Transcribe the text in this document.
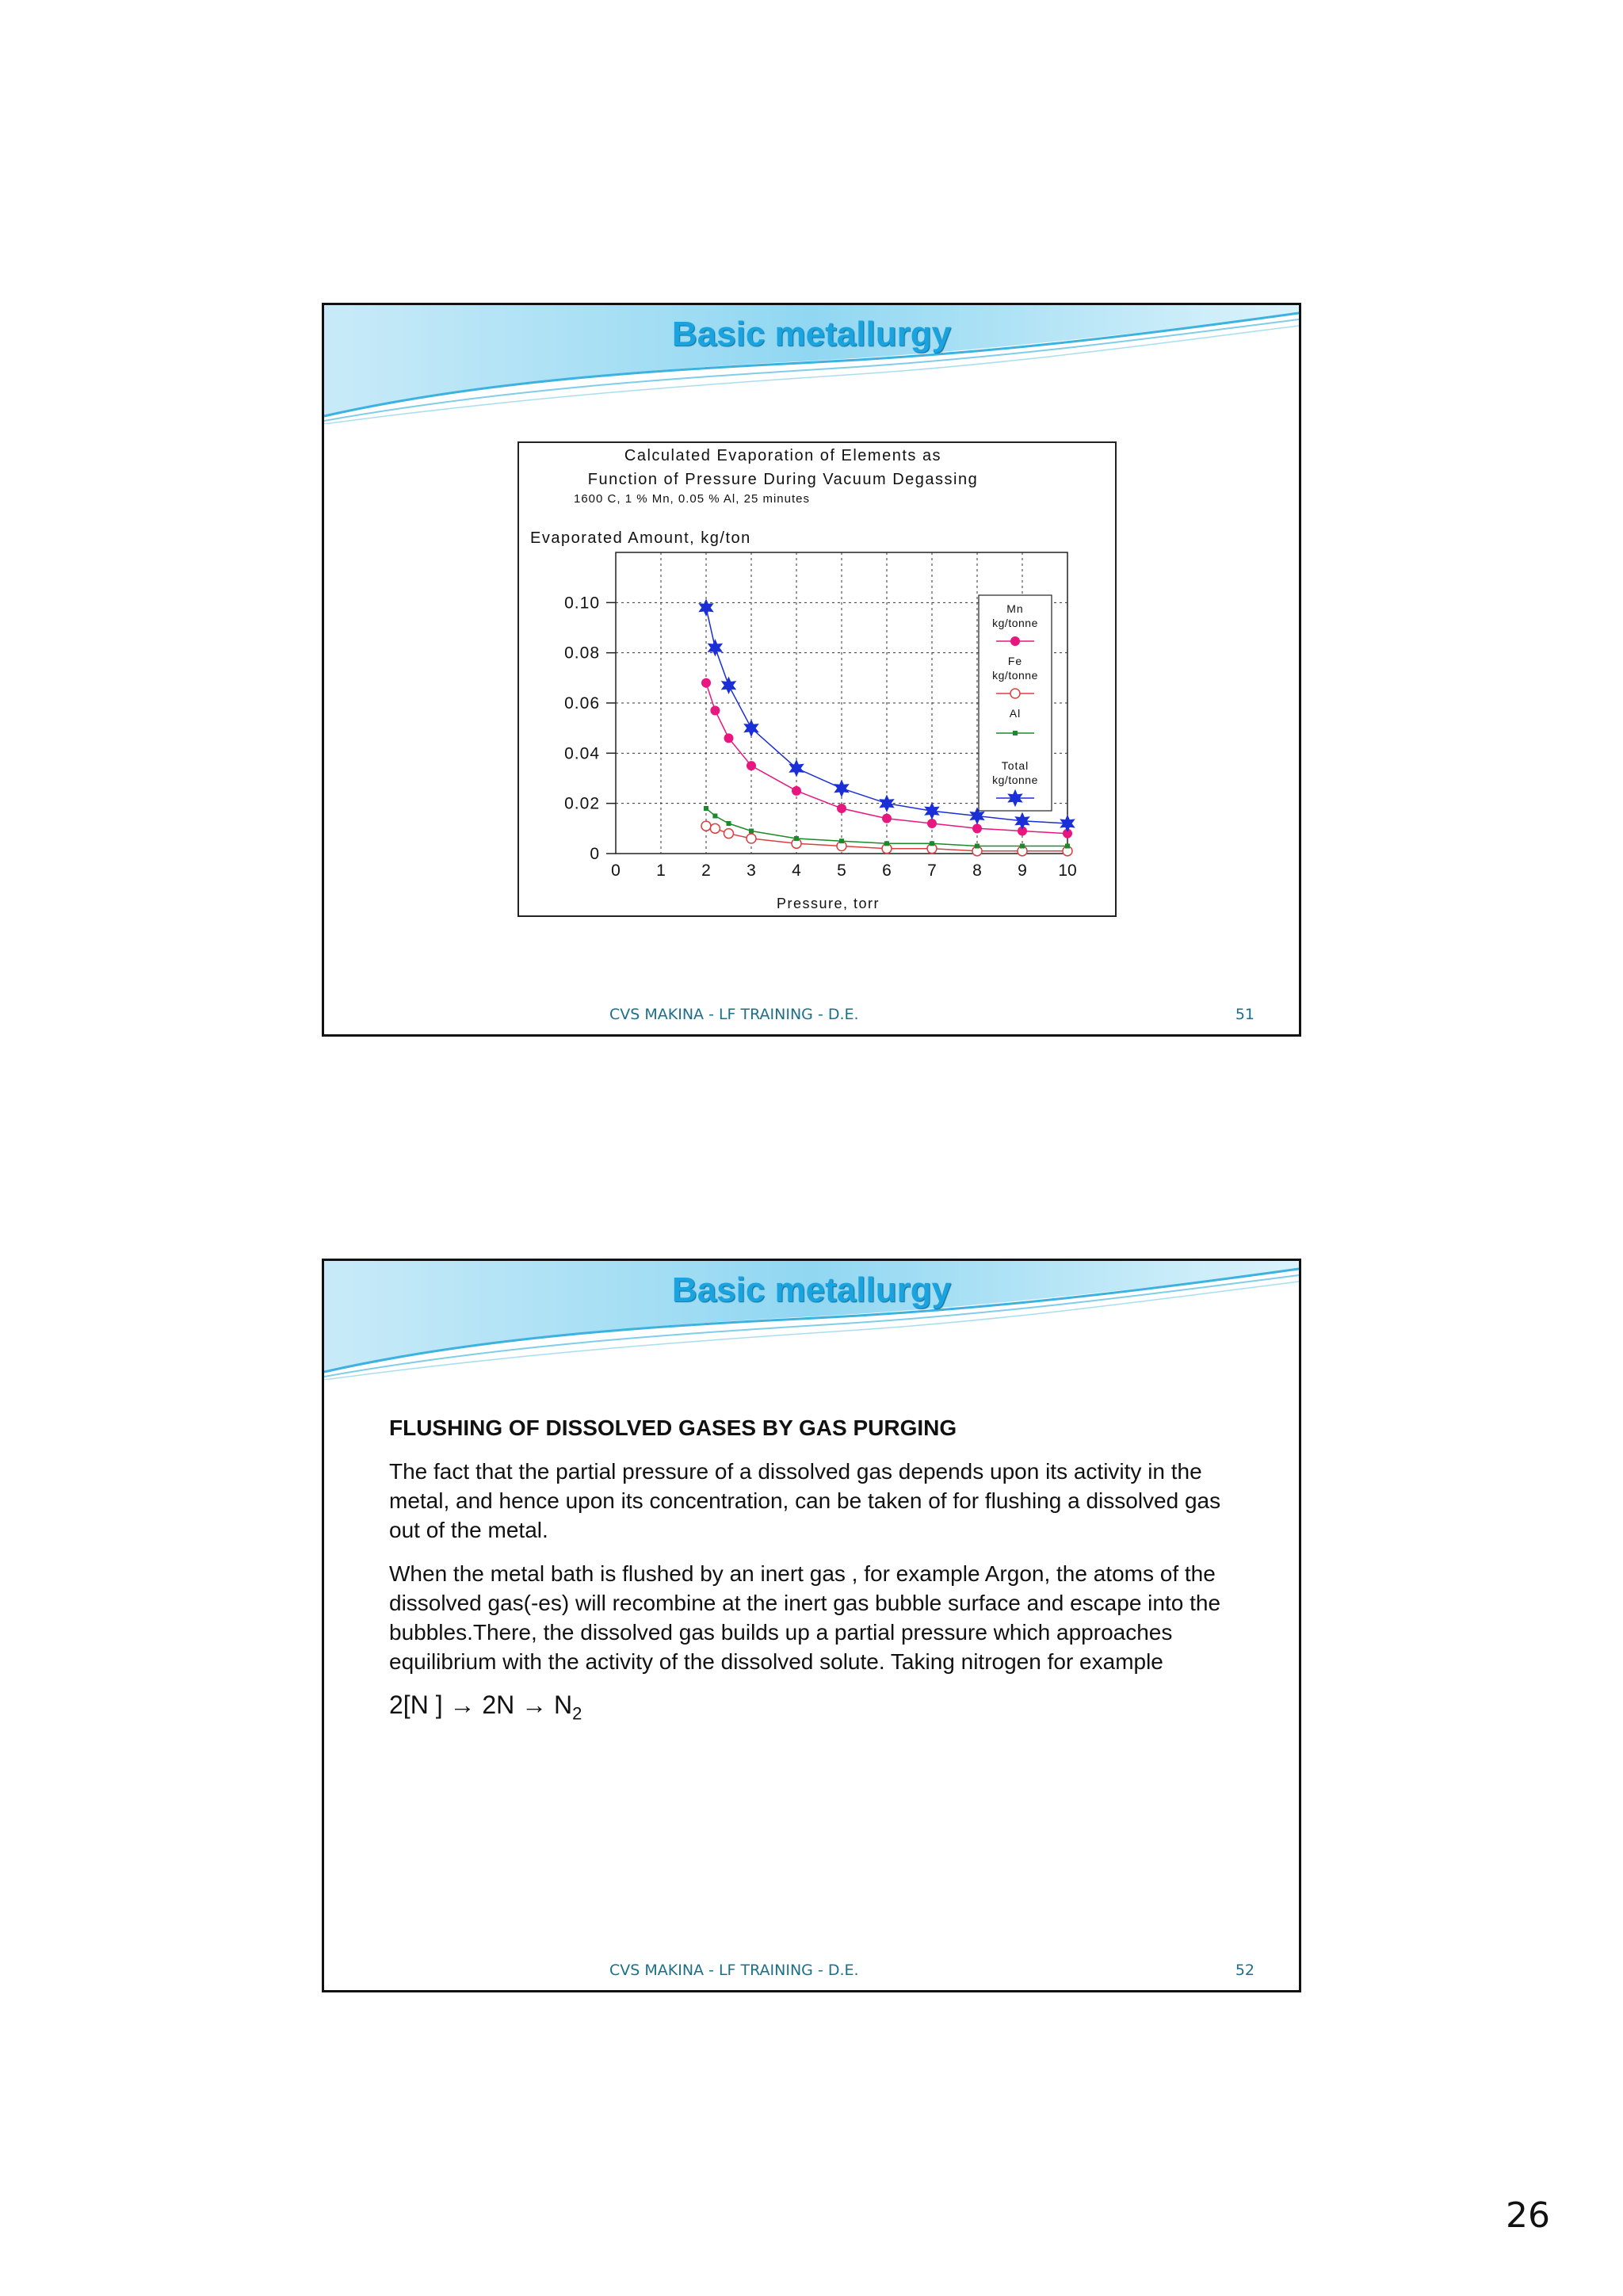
Basic metallurgy
Calculated Evaporation of Elements as
Function of Pressure During Vacuum Degassing
1600 C, 1 % Mn, 0.05 % Al, 25 minutes
Evaporated Amount, kg/ton
Pressure, torr
0 1 2 3 4 5 6 7 8 9 10
0
0.02
0.04
0.06
0.08
0.10	Mn
kg/tonne
Fe
kg/tonne
Al
Total
kg/tonne
CVS MAKINA - LF TRAINING - D.E.	51
Basic metallurgy

FLUSHING OF DISSOLVED GASES BY GAS PURGING

The fact that the partial pressure of a dissolved gas depends upon its activity in the metal, and hence upon its concentration, can be taken of for flushing a dissolved gas out of the metal.

When the metal bath is flushed by an inert gas , for example Argon, the atoms of the dissolved gas(-es) will recombine at the inert gas bubble surface and escape into the bubbles.There, the dissolved gas builds up a partial pressure which approaches equilibrium with the activity of the dissolved solute. Taking nitrogen for example

2[N ] → $2N \to N_2$
CVS MAKINA - LF TRAINING - D.E.	52
26
